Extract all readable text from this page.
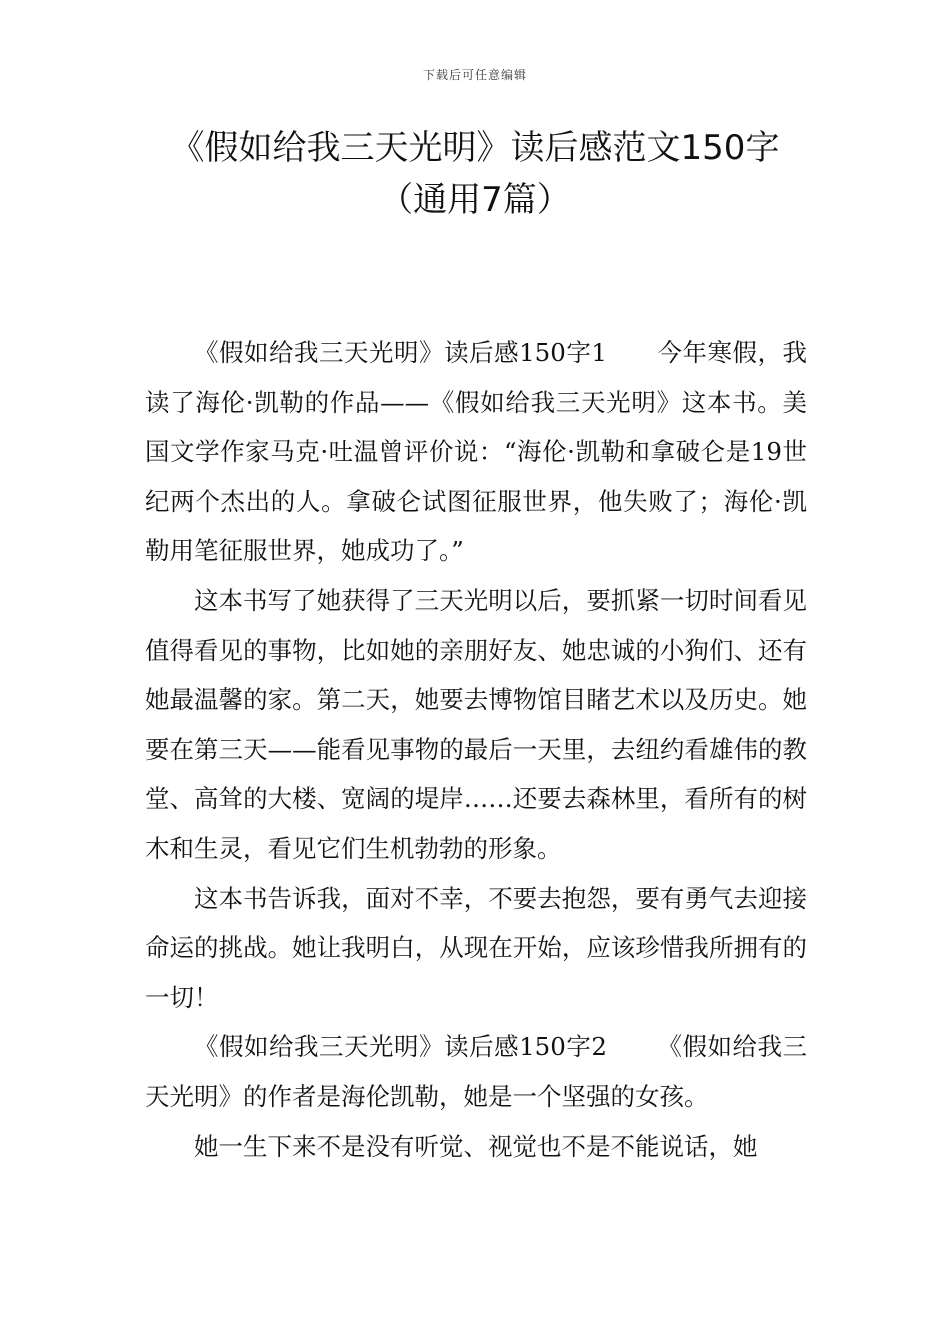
下载后可任意编辑
《假如给我三天光明》读后感范文150字
（通用7篇）

《假如给我三天光明》读后感150字1 今年寒假，我读了海伦·凯勒的作品——《假如给我三天光明》这本书。美国文学作家马克·吐温曾评价说：“海伦·凯勒和拿破仑是19世纪两个杰出的人。拿破仑试图征服世界，他失败了；海伦·凯勒用笔征服世界，她成功了。”

这本书写了她获得了三天光明以后，要抓紧一切时间看见值得看见的事物，比如她的亲朋好友、她忠诚的小狗们、还有她最温馨的家。第二天，她要去博物馆目睹艺术以及历史。她要在第三天——能看见事物的最后一天里，去纽约看雄伟的教堂、高耸的大楼、宽阔的堤岸……还要去森林里，看所有的树木和生灵，看见它们生机勃勃的形象。

这本书告诉我，面对不幸，不要去抱怨，要有勇气去迎接命运的挑战。她让我明白，从现在开始，应该珍惜我所拥有的一切！

《假如给我三天光明》读后感150字2 《假如给我三天光明》的作者是海伦凯勒，她是一个坚强的女孩。

她一生下来不是没有听觉、视觉也不是不能说话，她
